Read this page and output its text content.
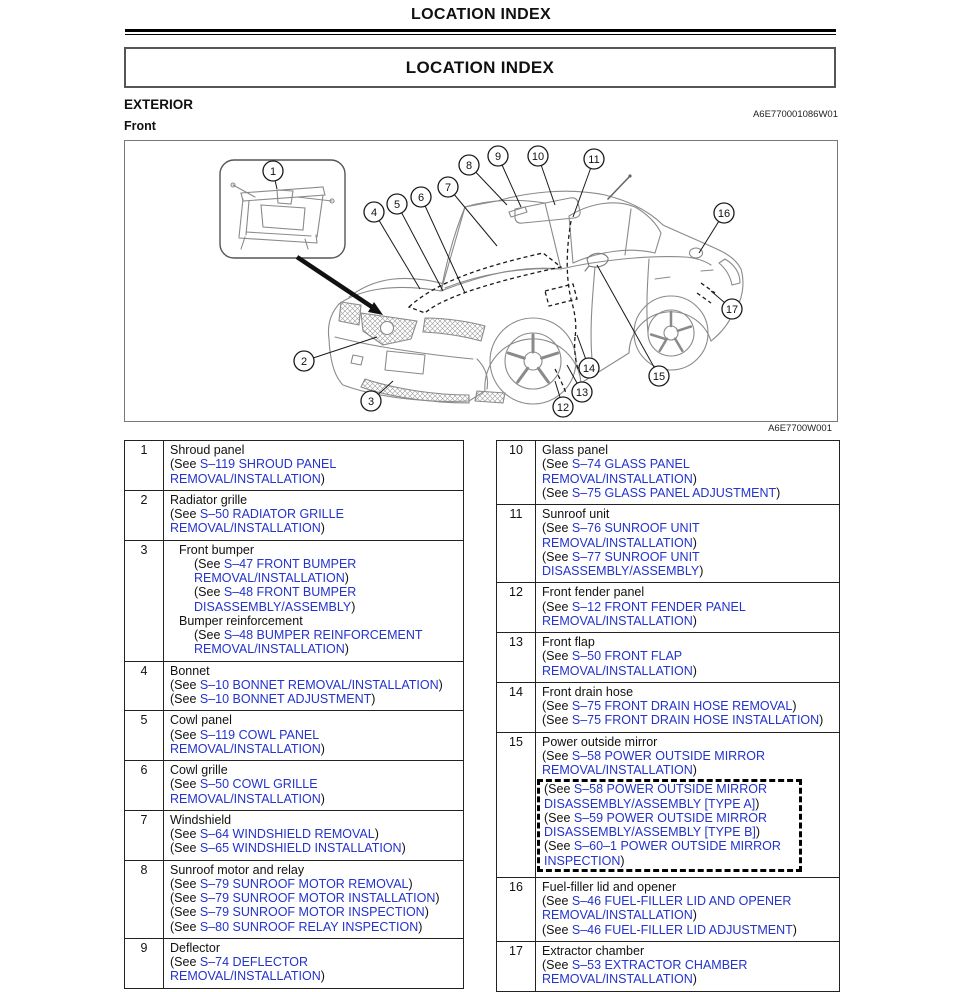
LOCATION INDEX
LOCATION INDEX
EXTERIOR
A6E770001086W01
Front
1
2
3
4
5
6
7
8
9	10	11
12
13
14
15
16
17
A6E7700W001
1	Shroud panel
(See S–119 SHROUD PANEL REMOVAL/INSTALLATION)
2	Radiator grille
(See S–50 RADIATOR GRILLE REMOVAL/INSTALLATION)
3	Front bumper
(See S–47 FRONT BUMPER REMOVAL/INSTALLATION)
(See S–48 FRONT BUMPER DISASSEMBLY/ASSEMBLY)
Bumper reinforcement
(See S–48 BUMPER REINFORCEMENT REMOVAL/INSTALLATION)
4	Bonnet
(See S–10 BONNET REMOVAL/INSTALLATION)
(See S–10 BONNET ADJUSTMENT)
5	Cowl panel
(See S–119 COWL PANEL REMOVAL/INSTALLATION)
6	Cowl grille
(See S–50 COWL GRILLE REMOVAL/INSTALLATION)
7	Windshield
(See S–64 WINDSHIELD REMOVAL)
(See S–65 WINDSHIELD INSTALLATION)
8	Sunroof motor and relay
(See S–79 SUNROOF MOTOR REMOVAL)
(See S–79 SUNROOF MOTOR INSTALLATION)
(See S–79 SUNROOF MOTOR INSPECTION)
(See S–80 SUNROOF RELAY INSPECTION)
9	Deflector
(See S–74 DEFLECTOR REMOVAL/INSTALLATION)
10	Glass panel
(See S–74 GLASS PANEL REMOVAL/INSTALLATION)
(See S–75 GLASS PANEL ADJUSTMENT)
11	Sunroof unit
(See S–76 SUNROOF UNIT REMOVAL/INSTALLATION)
(See S–77 SUNROOF UNIT DISASSEMBLY/ASSEMBLY)
12	Front fender panel
(See S–12 FRONT FENDER PANEL REMOVAL/INSTALLATION)
13	Front flap
(See S–50 FRONT FLAP REMOVAL/INSTALLATION)
14	Front drain hose
(See S–75 FRONT DRAIN HOSE REMOVAL)
(See S–75 FRONT DRAIN HOSE INSTALLATION)
15	Power outside mirror
(See S–58 POWER OUTSIDE MIRROR REMOVAL/INSTALLATION)
(See S–58 POWER OUTSIDE MIRROR DISASSEMBLY/ASSEMBLY [TYPE A])
(See S–59 POWER OUTSIDE MIRROR DISASSEMBLY/ASSEMBLY [TYPE B])
(See S–60–1 POWER OUTSIDE MIRROR INSPECTION)
16	Fuel-filler lid and opener
(See S–46 FUEL-FILLER LID AND OPENER REMOVAL/INSTALLATION)
(See S–46 FUEL-FILLER LID ADJUSTMENT)
17	Extractor chamber
(See S–53 EXTRACTOR CHAMBER REMOVAL/INSTALLATION)
